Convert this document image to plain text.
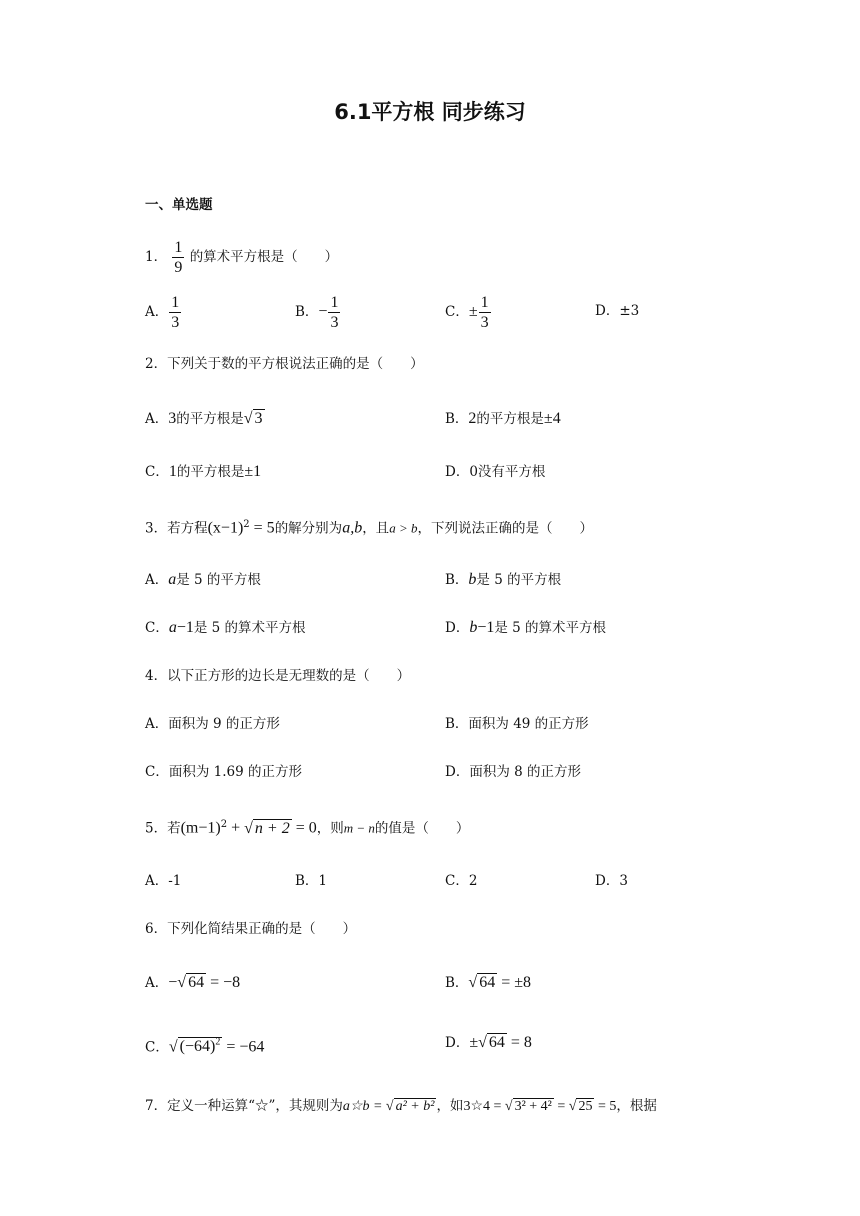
6.1平方根 同步练习
一、单选题
1． $\frac{1}{9}$ 的算术平方根是（　　）
A． $\frac{1}{3}$	B．− $\frac{1}{3}$	C．± $\frac{1}{3}$	D．±3
2．下列关于数的平方根说法正确的是（　　）
A．3的平方根是√ 3	B．2的平方根是±4
C．1的平方根是±1	D．0没有平方根
3．若方程$(x-1)^2 = 5$的解分别为a,b，且a > b，下列说法正确的是（　　）
A．a是 5 的平方根	B．b是 5 的平方根
C．a−1是 5 的算术平方根	D．b−1是 5 的算术平方根
4．以下正方形的边长是无理数的是（　　）
A．面积为 9 的正方形	B．面积为 49 的正方形
C．面积为 1.69 的正方形	D．面积为 8 的正方形
5．若$(m-1)^2$ + √ n + 2 = 0，则m − n的值是（　　）
A．-1	B．1	C．2	D．3
6．下列化简结果正确的是（　　）
A．−√ 64 = −8	B．√ 64 = ±8
C．√ $(-64)^2 = -64$	D．±√ 64 = 8
7．定义一种运算“☆”，其规则为a☆b = √ a² + b² ，如3☆4 = √ 3² + 4² = √ 25 = 5，根据
